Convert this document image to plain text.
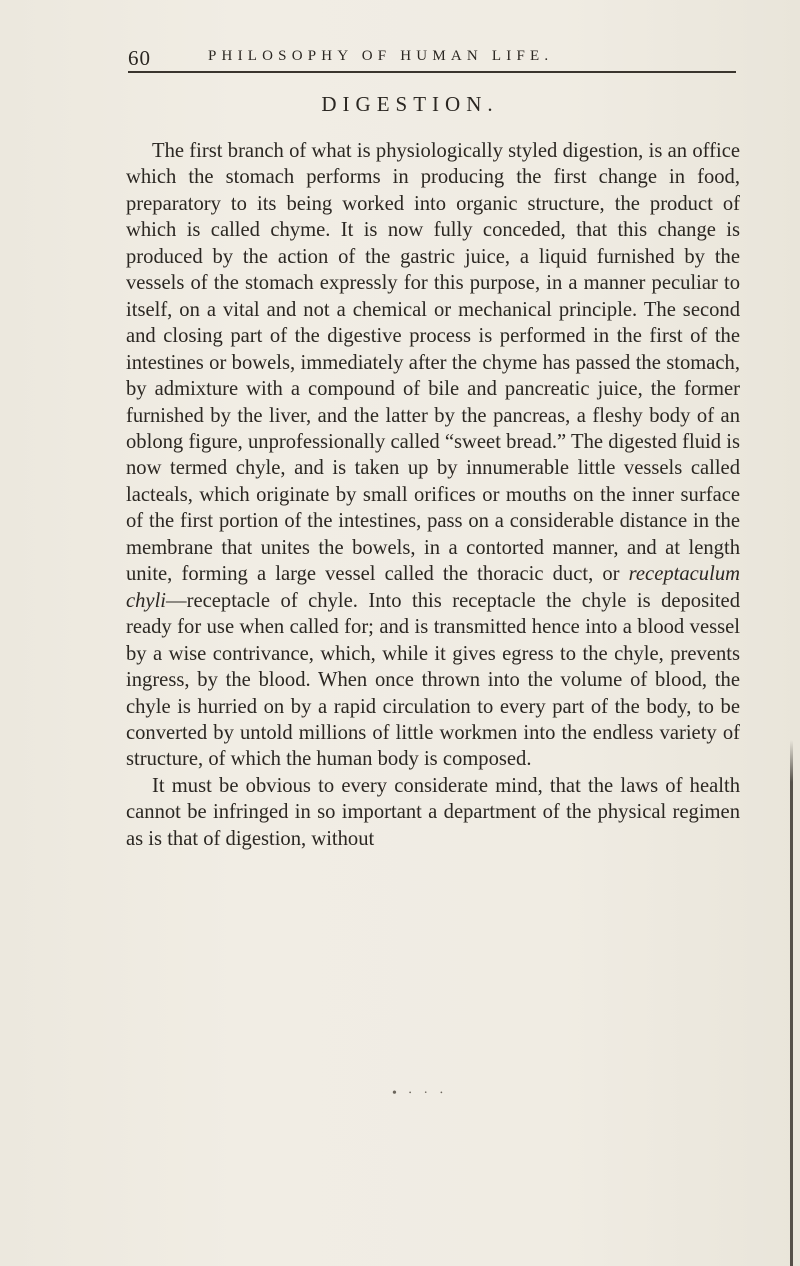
60	PHILOSOPHY OF HUMAN LIFE.
DIGESTION.

The first branch of what is physiologically styled digestion, is an office which the stomach performs in producing the first change in food, preparatory to its being worked into organic structure, the product of which is called chyme. It is now fully conceded, that this change is produced by the action of the gastric juice, a liquid furnished by the vessels of the stomach expressly for this purpose, in a manner peculiar to itself, on a vital and not a chemical or mechanical principle. The second and closing part of the digestive process is performed in the first of the intestines or bowels, immediately after the chyme has passed the stomach, by admixture with a compound of bile and pancreatic juice, the former furnished by the liver, and the latter by the pancreas, a fleshy body of an oblong figure, unprofessionally called “sweet bread.” The digested fluid is now termed chyle, and is taken up by innumerable little vessels called lacteals, which originate by small orifices or mouths on the inner surface of the first portion of the intestines, pass on a considerable distance in the membrane that unites the bowels, in a contorted manner, and at length unite, forming a large vessel called the thoracic duct, or receptaculum chyli—receptacle of chyle. Into this receptacle the chyle is deposited ready for use when called for; and is transmitted hence into a blood vessel by a wise contrivance, which, while it gives egress to the chyle, prevents ingress, by the blood. When once thrown into the volume of blood, the chyle is hurried on by a rapid circulation to every part of the body, to be converted by untold millions of little workmen into the endless variety of structure, of which the human body is composed.

It must be obvious to every considerate mind, that the laws of health cannot be infringed in so important a department of the physical regimen as is that of digestion, without

• ∙ · ∙
